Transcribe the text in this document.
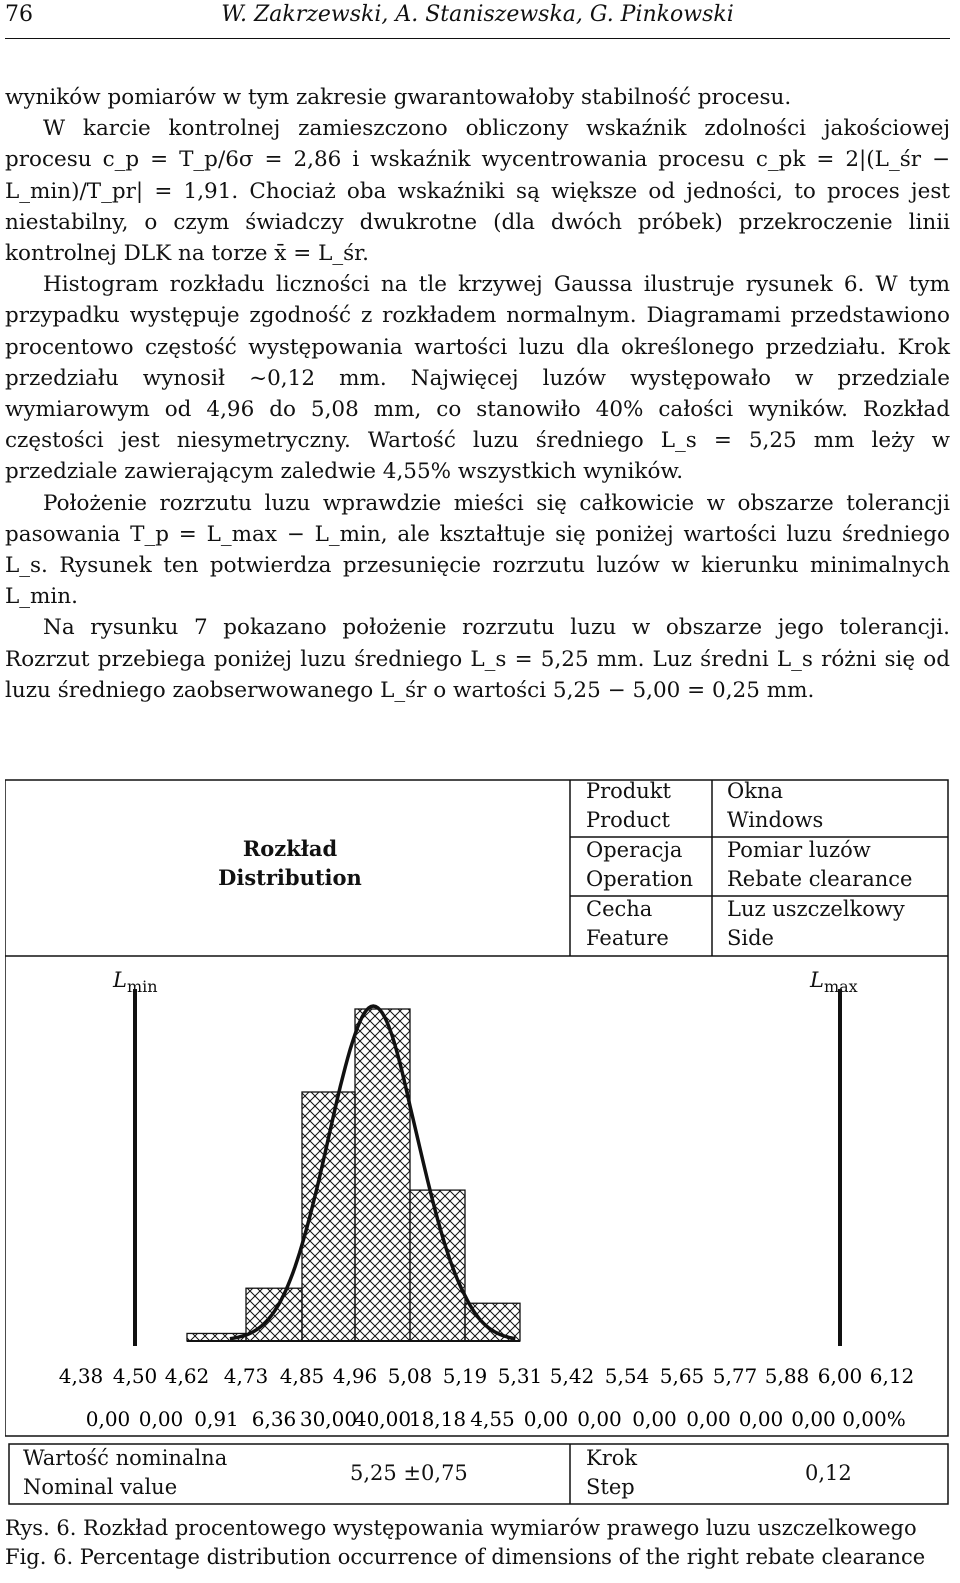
76	W. Zakrzewski, A. Staniszewska, G. Pinkowski

wyników pomiarów w tym zakresie gwarantowałoby stabilność procesu.

W karcie kontrolnej zamieszczono obliczony wskaźnik zdolności jakościowej procesu c_p = T_p/6σ = 2,86 i wskaźnik wycentrowania procesu c_pk = 2|(L_śr − L_min)/T_pr| = 1,91. Chociaż oba wskaźniki są większe od jedności, to proces jest niestabilny, o czym świadczy dwukrotne (dla dwóch próbek) przekroczenie linii kontrolnej DLK na torze x̄ = L_śr.

Histogram rozkładu liczności na tle krzywej Gaussa ilustruje rysunek 6. W tym przypadku występuje zgodność z rozkładem normalnym. Diagramami przedstawiono procentowo częstość występowania wartości luzu dla określonego przedziału. Krok przedziału wynosił ~0,12 mm. Najwięcej luzów występowało w przedziale wymiarowym od 4,96 do 5,08 mm, co stanowiło 40% całości wyników. Rozkład częstości jest niesymetryczny. Wartość luzu średniego L_s = 5,25 mm leży w przedziale zawierającym zaledwie 4,55% wszystkich wyników.

Położenie rozrzutu luzu wprawdzie mieści się całkowicie w obszarze tolerancji pasowania T_p = L_max − L_min, ale kształtuje się poniżej wartości luzu średniego L_s. Rysunek ten potwierdza przesunięcie rozrzutu luzów w kierunku minimalnych L_min.

Na rysunku 7 pokazano położenie rozrzutu luzu w obszarze jego tolerancji. Rozrzut przebiega poniżej luzu średniego L_s = 5,25 mm. Luz średni L_s różni się od luzu średniego zaobserwowanego L_śr o wartości 5,25 − 5,00 = 0,25 mm.

4,38 4,50 4,62 4,73 4,85 4,96 5,08 5,19 5,31 5,42 5,54 5,65 5,77 5,88 6,00 6,12
0,00 0,00 0,91 6,36 30,00
40,00
18,18 4,55 0,00 0,00 0,00 0,00 0,00 0,00 0,00%
Rozkład
Distribution
Produkt
Product
Okna
Windows
Operacja
Operation
Pomiar luzów
Rebate clearance
Cecha
Feature
Luz uszczelkowy
Side
$L_{min}$	$L_{max}$
Wartość nominalna
Nominal value
5,25 ±0,75
Krok
Step
0,12
Rys. 6. Rozkład procentowego występowania wymiarów prawego luzu uszczelkowego
Fig. 6. Percentage distribution occurrence of dimensions of the right rebate clearance
